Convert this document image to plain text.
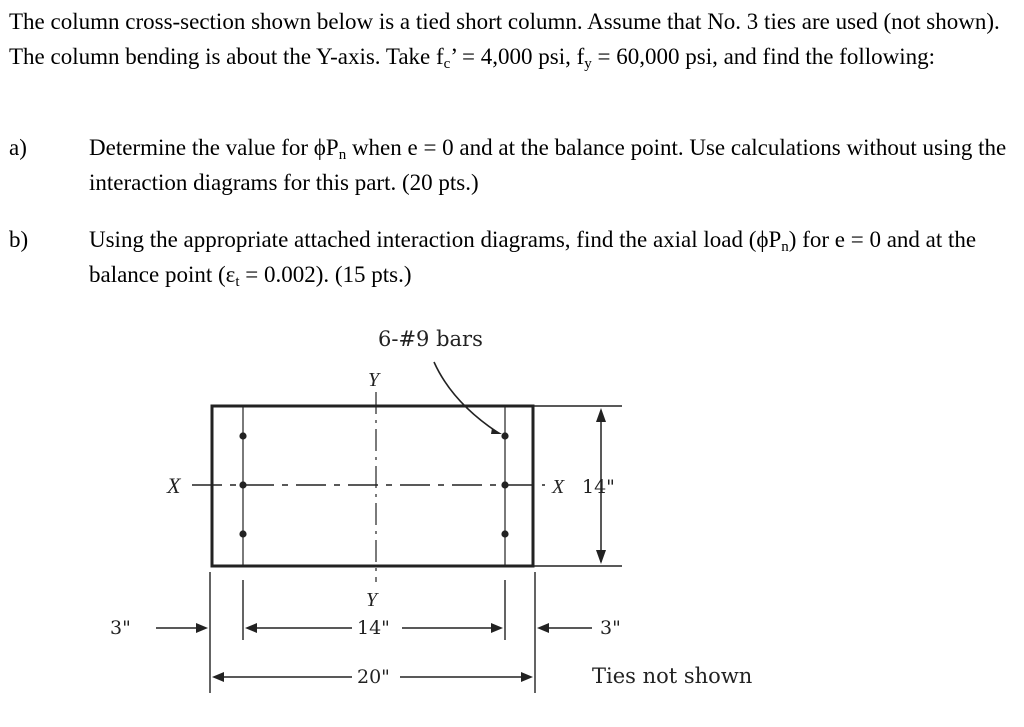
The column cross-section shown below is a tied short column. Assume that No. 3 ties are used (not shown). The column bending is about the Y-axis. Take $f_c$’ = 4,000 psi, $f_y = 60,000$ psi, and find the following:

a)	Determine the value for $\phi P_n$ when e = 0 and at the balance point. Use calculations without using the interaction diagrams for this part. (20 pts.)

b)	Using the appropriate attached interaction diagrams, find the axial load $(\phi P_n)$ for e = 0 and at the balance point $(\varepsilon_t = 0.002)$. (15 pts.)

6-#9 bars
Y
Y
X	X 14"
14"
20"
3"	3"
Ties not shown
